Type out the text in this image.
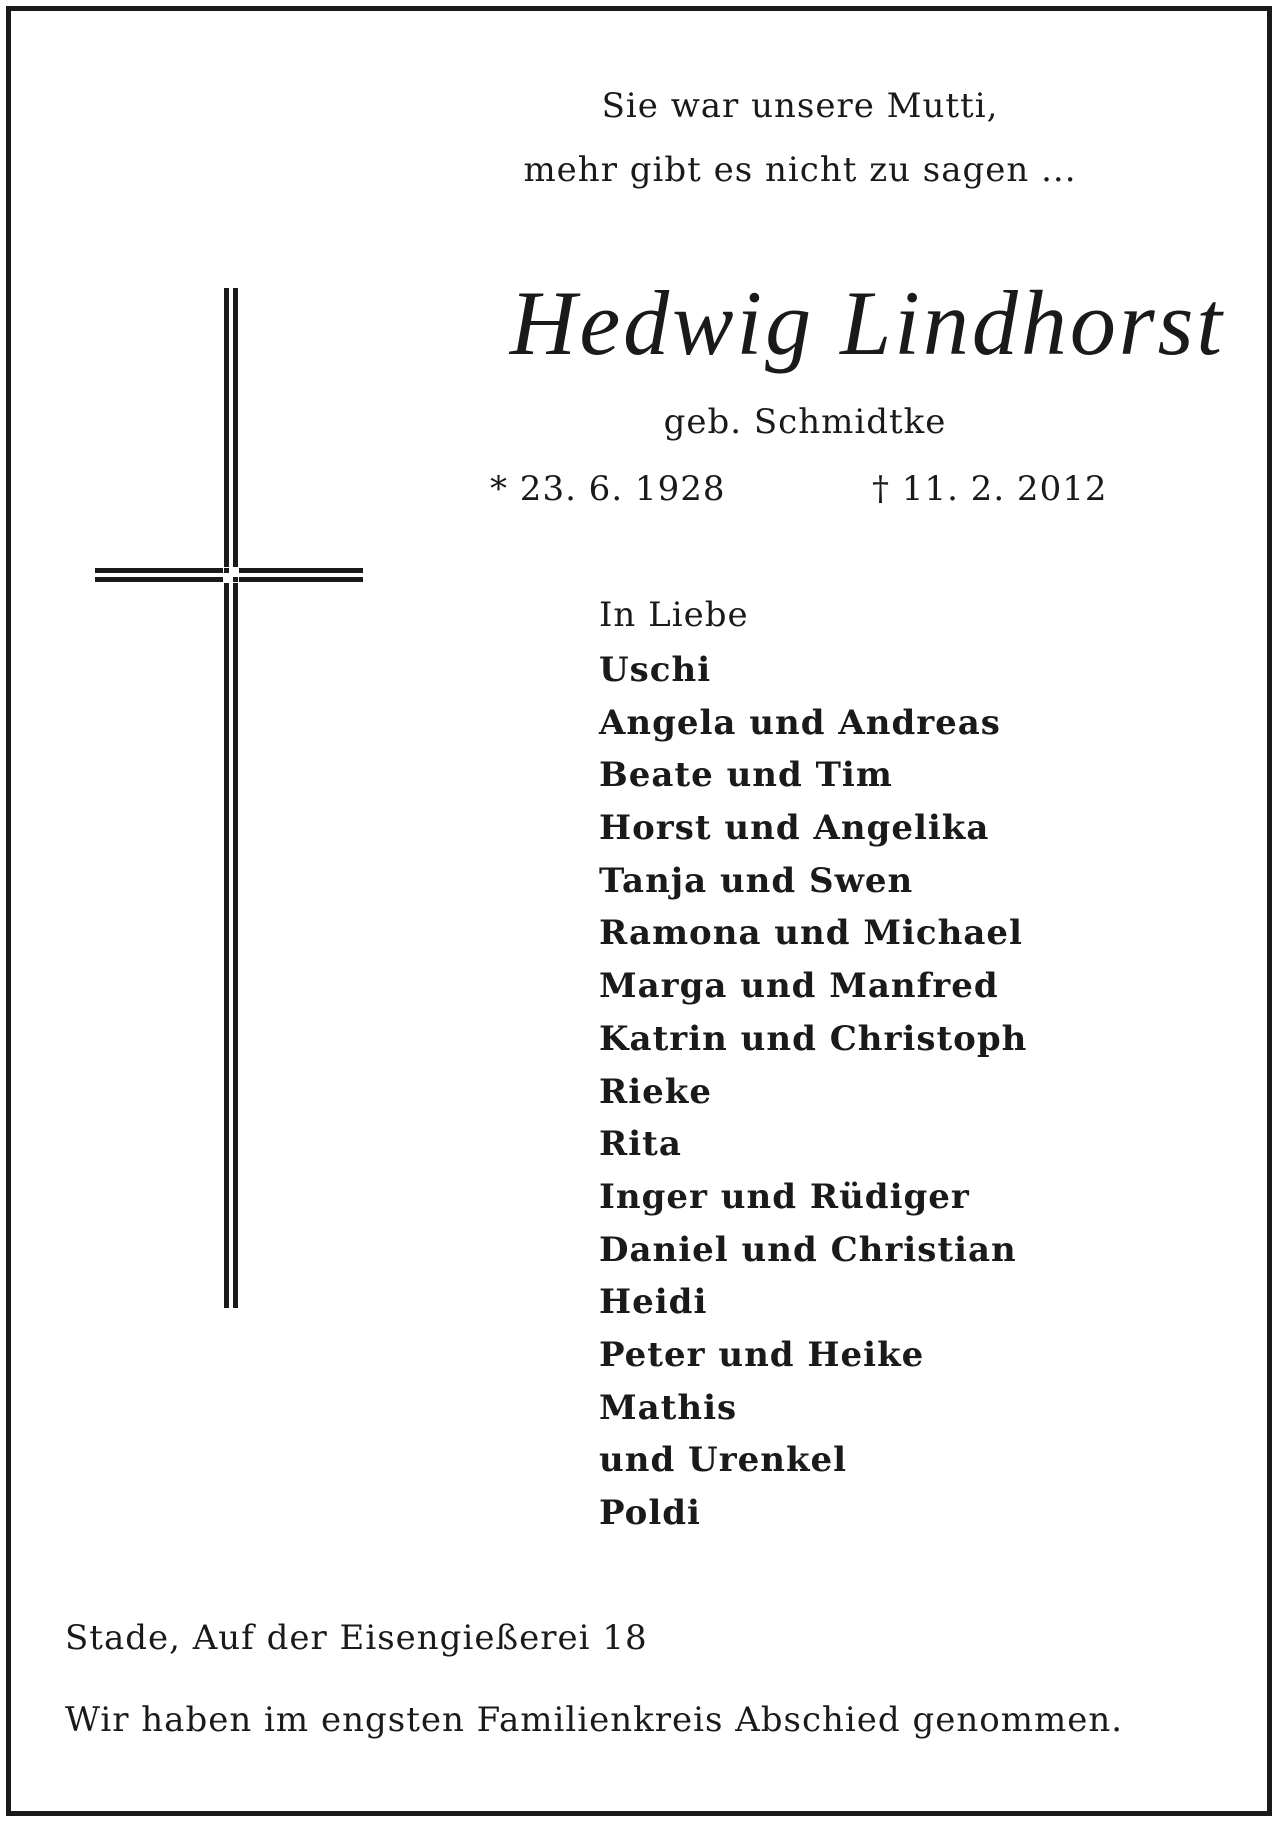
Sie war unsere Mutti,
mehr gibt es nicht zu sagen ...
Hedwig Lindhorst
geb. Schmidtke
* 23. 6. 1928	† 11. 2. 2012
In Liebe
Uschi
Angela und Andreas
Beate und Tim
Horst und Angelika
Tanja und Swen
Ramona und Michael
Marga und Manfred
Katrin und Christoph
Rieke
Rita
Inger und Rüdiger
Daniel und Christian
Heidi
Peter und Heike
Mathis
und Urenkel
Poldi
Stade, Auf der Eisengießerei 18
Wir haben im engsten Familienkreis Abschied genommen.
